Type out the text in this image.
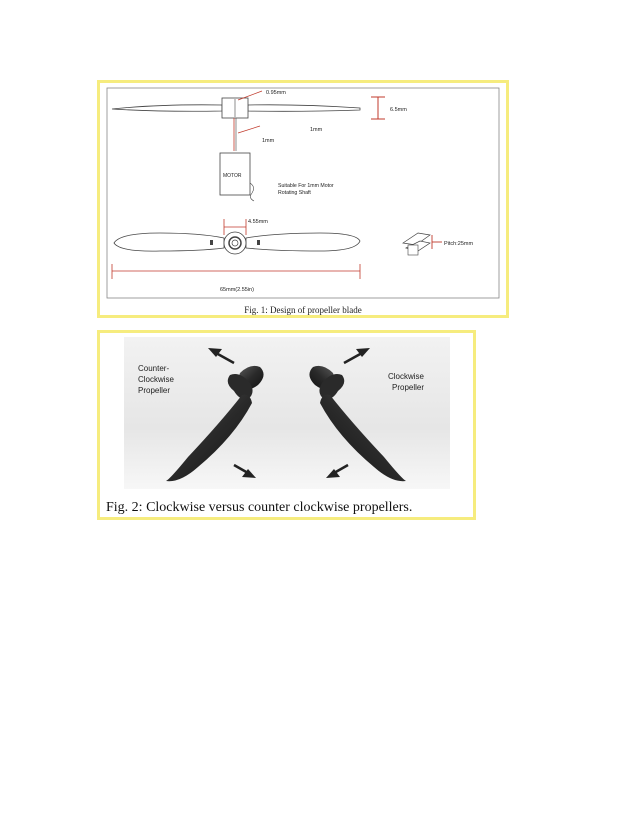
0.95mm
6.5mm
1mm
1mm
MOTOR
Suitable For 1mm Motor
Rotating Shaft
4.55mm
Pitch:25mm
65mm(2.55in)
Fig. 1: Design of propeller blade
Counter-
Clockwise
Propeller
Clockwise
Propeller
Fig. 2: Clockwise versus counter clockwise propellers.
